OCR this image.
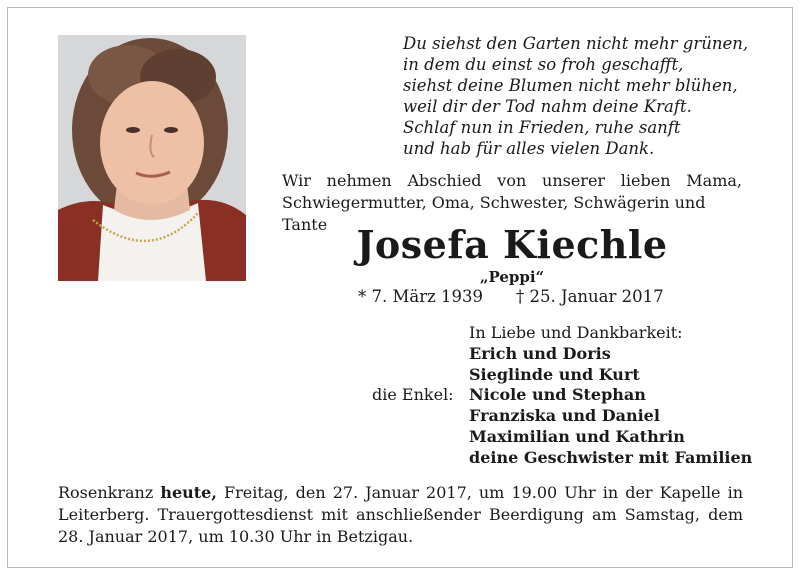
Du siehst den Garten nicht mehr grünen,
in dem du einst so froh geschafft,
siehst deine Blumen nicht mehr blühen,
weil dir der Tod nahm deine Kraft.
Schlaf nun in Frieden, ruhe sanft
und hab für alles vielen Dank.
Wir nehmen Abschied von unserer lieben Mama,
Schwiegermutter, Oma, Schwester, Schwägerin und Tante Josefa Kiechle
„Peppi“
* 7. März 1939 † 25. Januar 2017
die Enkel:
In Liebe und Dankbarkeit:
Erich und Doris
Sieglinde und Kurt
Nicole und Stephan
Franziska und Daniel
Maximilian und Kathrin
deine Geschwister mit Familien
Rosenkranz heute, Freitag, den 27. Januar 2017, um 19.00 Uhr in der Kapelle in
Leiterberg. Trauergottesdienst mit anschließender Beerdigung am Samstag, dem
28. Januar 2017, um 10.30 Uhr in Betzigau.
